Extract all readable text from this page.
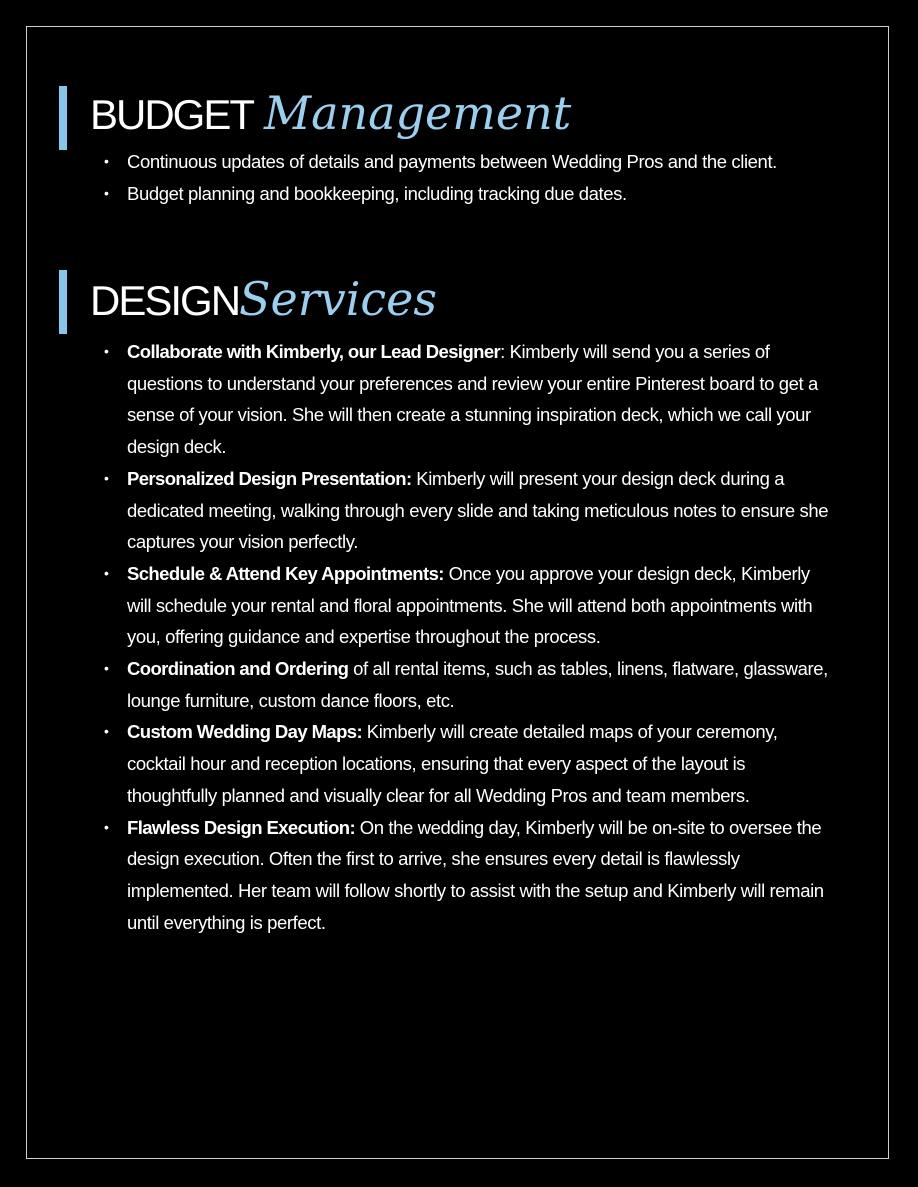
BUDGET Management
• Continuous updates of details and payments between Wedding Pros and the client.
• Budget planning and bookkeeping, including tracking due dates.
DESIGN Services
• Collaborate with Kimberly, our Lead Designer: Kimberly will send you a series of questions to understand your preferences and review your entire Pinterest board to get a sense of your vision. She will then create a stunning inspiration deck, which we call your design deck.
• Personalized Design Presentation: Kimberly will present your design deck during a dedicated meeting, walking through every slide and taking meticulous notes to ensure she captures your vision perfectly.
• Schedule & Attend Key Appointments: Once you approve your design deck, Kimberly will schedule your rental and floral appointments. She will attend both appointments with you, offering guidance and expertise throughout the process.
• Coordination and Ordering of all rental items, such as tables, linens, flatware, glassware, lounge furniture, custom dance floors, etc.
• Custom Wedding Day Maps: Kimberly will create detailed maps of your ceremony, cocktail hour and reception locations, ensuring that every aspect of the layout is thoughtfully planned and visually clear for all Wedding Pros and team members.
• Flawless Design Execution: On the wedding day, Kimberly will be on-site to oversee the design execution. Often the first to arrive, she ensures every detail is flawlessly implemented. Her team will follow shortly to assist with the setup and Kimberly will remain until everything is perfect.
